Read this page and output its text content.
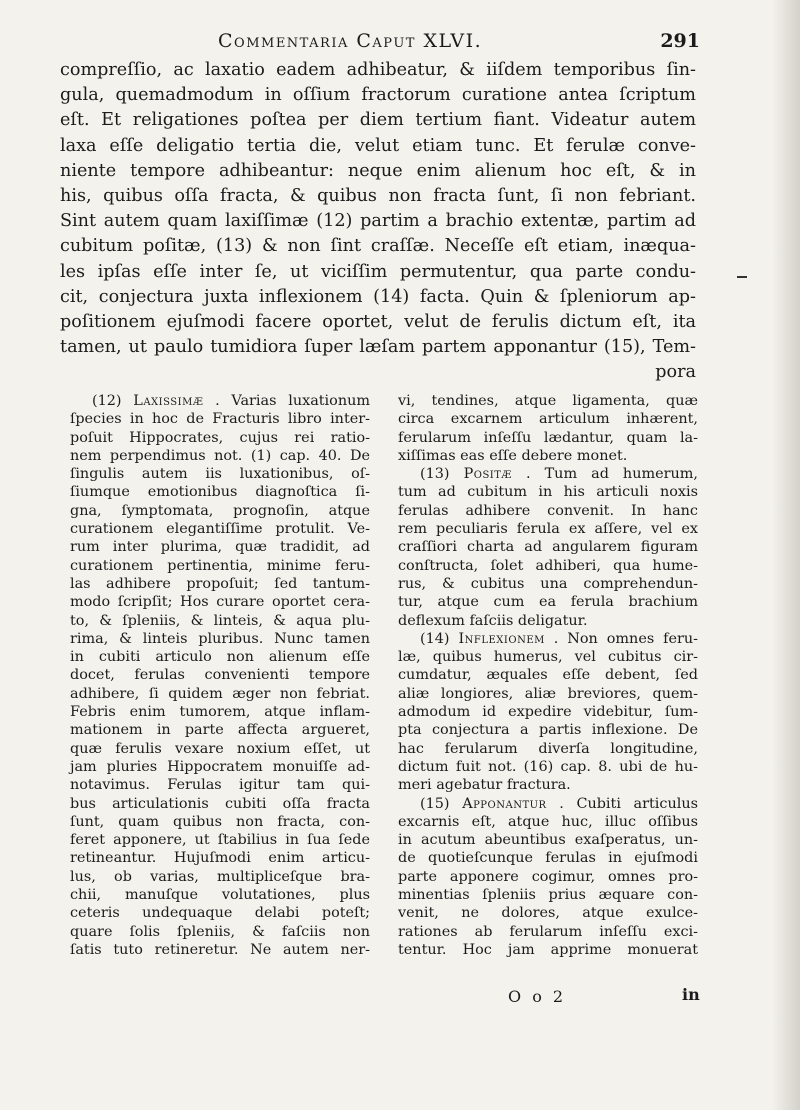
Commentaria Caput XLVI.	291

compreſſio, ac laxatio eadem adhibeatur, & iiſdem temporibus ſin-

gula, quemadmodum in oſſium fractorum curatione antea ſcriptum

eſt. Et religationes poſtea per diem tertium fiant. Videatur autem

laxa eſſe deligatio tertia die, velut etiam tunc. Et ferulæ conve-

niente tempore adhibeantur: neque enim alienum hoc eſt, & in

his, quibus oſſa fracta, & quibus non fracta ſunt, ſi non febriant.

Sint autem quam laxiſſimæ (12) partim a brachio extentæ, partim ad

cubitum poſitæ, (13) & non ſint craſſæ. Neceſſe eſt etiam, inæqua-

les ipſas eſſe inter ſe, ut viciſſim permutentur, qua parte condu-

cit, conjectura juxta inflexionem (14) facta. Quin & ſpleniorum ap-

poſitionem ejuſmodi facere oportet, velut de ferulis dictum eſt, ita

tamen, ut paulo tumidiora ſuper læſam partem apponantur (15), Tem-

pora

(12) Laxissimæ . Varias luxationum

ſpecies in hoc de Fracturis libro inter-

poſuit Hippocrates, cujus rei ratio-

nem perpendimus not. (1) cap. 40. De

ſingulis autem iis luxationibus, oſ-

ſiumque emotionibus diagnoſtica ſi-

gna, ſymptomata, prognoſin, atque

curationem elegantiſſime protulit. Ve-

rum inter plurima, quæ tradidit, ad

curationem pertinentia, minime feru-

las adhibere propoſuit; ſed tantum-

modo ſcripſit; Hos curare oportet cera-

to, & ſpleniis, & linteis, & aqua plu-

rima, & linteis pluribus. Nunc tamen

in cubiti articulo non alienum eſſe

docet, ferulas convenienti tempore

adhibere, ſi quidem æger non febriat.

Febris enim tumorem, atque inflam-

mationem in parte affecta argueret,

quæ ferulis vexare noxium eſſet, ut

jam pluries Hippocratem monuiſſe ad-

notavimus. Ferulas igitur tam qui-

bus articulationis cubiti oſſa fracta

ſunt, quam quibus non fracta, con-

feret apponere, ut ſtabilius in ſua ſede

retineantur. Hujuſmodi enim articu-

lus, ob varias, multipliceſque bra-

chii, manuſque volutationes, plus

ceteris undequaque delabi poteſt;

quare ſolis ſpleniis, & faſciis non

ſatis tuto retineretur. Ne autem ner-

vi, tendines, atque ligamenta, quæ

circa excarnem articulum inhærent,

ferularum inſeſſu lædantur, quam la-

xiſſimas eas eſſe debere monet.

(13) Positæ . Tum ad humerum,

tum ad cubitum in his articuli noxis

ferulas adhibere convenit. In hanc

rem peculiaris ferula ex aſſere, vel ex

craſſiori charta ad angularem figuram

conſtructa, ſolet adhiberi, qua hume-

rus, & cubitus una comprehendun-

tur, atque cum ea ferula brachium

deflexum faſciis deligatur.

(14) Inflexionem . Non omnes feru-

læ, quibus humerus, vel cubitus cir-

cumdatur, æquales eſſe debent, ſed

aliæ longiores, aliæ breviores, quem-

admodum id expedire videbitur, ſum-

pta conjectura a partis inflexione. De

hac ferularum diverſa longitudine,

dictum fuit not. (16) cap. 8. ubi de hu-

meri agebatur fractura.

(15) Apponantur . Cubiti articulus

excarnis eſt, atque huc, illuc oſſibus

in acutum abeuntibus exaſperatus, un-

de quotieſcunque ferulas in ejuſmodi

parte apponere cogimur, omnes pro-

minentias ſpleniis prius æquare con-

venit, ne dolores, atque exulce-

rationes ab ferularum inſeſſu exci-

tentur. Hoc jam apprime monuerat

O o 2	in
